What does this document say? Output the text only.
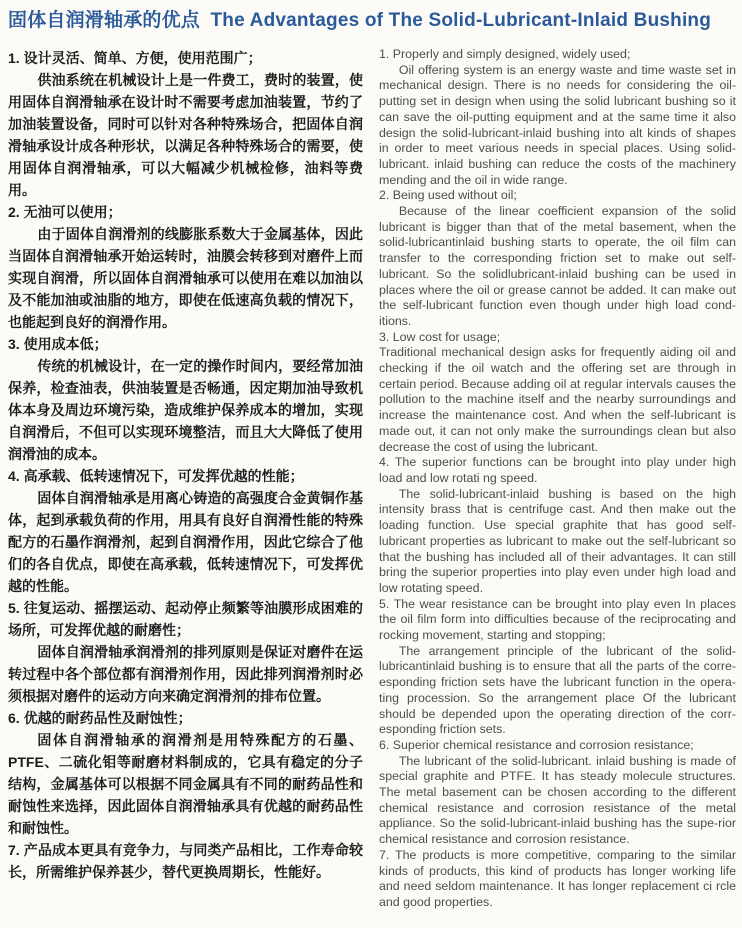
固体自润滑轴承的优点 The Advantages of The Solid-Lubricant-Inlaid Bushing

1. 设计灵活、简单、方便，使用范围广；

供油系统在机械设计上是一件费工，费时的装置，使用固体自润滑轴承在设计时不需要考虑加油装置，节约了加油装置设备，同时可以针对各种特殊场合，把固体自润滑轴承设计成各种形状，以满足各种特殊场合的需要，使用固体自润滑轴承，可以大幅减少机械检修，油料等费用。

2. 无油可以使用；

由于固体自润滑剂的线膨胀系数大于金属基体，因此当固体自润滑轴承开始运转时，油膜会转移到对磨件上而实现自润滑，所以固体自润滑轴承可以使用在难以加油以及不能加油或油脂的地方，即使在低速高负载的情况下，也能起到良好的润滑作用。

3. 使用成本低；

传统的机械设计，在一定的操作时间内，要经常加油保养，检查油表，供油装置是否畅通，因定期加油导致机体本身及周边环境污染，造成维护保养成本的增加，实现自润滑后，不但可以实现环境整洁，而且大大降低了使用润滑油的成本。

4. 高承载、低转速情况下，可发挥优越的性能；

固体自润滑轴承是用离心铸造的高强度合金黄铜作基体，起到承载负荷的作用，用具有良好自润滑性能的特殊配方的石墨作润滑剂，起到自润滑作用，因此它综合了他们的各自优点，即使在高承载，低转速情况下，可发挥优越的性能。

5. 往复运动、摇摆运动、起动停止频繁等油膜形成困难的场所，可发挥优越的耐磨性；

固体自润滑轴承润滑剂的排列原则是保证对磨件在运转过程中各个部位都有润滑剂作用，因此排列润滑剂时必须根据对磨件的运动方向来确定润滑剂的排布位置。

6. 优越的耐药品性及耐蚀性；

固体自润滑轴承的润滑剂是用特殊配方的石墨、PTFE、二硫化钼等耐磨材料制成的，它具有稳定的分子结构，金属基体可以根据不同金属具有不同的耐药品性和耐蚀性来选择，因此固体自润滑轴承具有优越的耐药品性和耐蚀性。

7. 产品成本更具有竞争力，与同类产品相比，工作寿命较长，所需维护保养甚少，替代更换周期长，性能好。

1. Properly and simply designed, widely used;

Oil offering system is an energy waste and time waste set in mechanical design. There is no needs for considering the oil-putting set in design when using the solid lubricant bushing so it can save the oil-putting equipment and at the same time it also design the solid-lubricant-inlaid bushing into alt kinds of shapes in order to meet various needs in special places. Using solid-lubricant. inlaid bushing can reduce the costs of the machinery mending and the oil in wide range.

2. Being used without oil;

Because of the linear coefficient expansion of the solid lubricant is bigger than that of the metal basement, when the solid-lubricantinlaid bushing starts to operate, the oil film can transfer to the corresponding friction set to make out self-lubricant. So the solidlubricant-inlaid bushing can be used in places where the oil or grease cannot be added. It can make out the self-lubricant function even though under high load cond-itions.

3. Low cost for usage;

Traditional mechanical design asks for frequently aiding oil and checking if the oil watch and the offering set are through in certain period. Because adding oil at regular intervals causes the pollution to the machine itself and the nearby surroundings and increase the maintenance cost. And when the self-lubricant is made out, it can not only make the surroundings clean but also decrease the cost of using the lubricant.

4. The superior functions can be brought into play under high load and low rotati ng speed.

The solid-lubricant-inlaid bushing is based on the high intensity brass that is centrifuge cast. And then make out the loading function. Use special graphite that has good self-lubricant properties as lubricant to make out the self-lubricant so that the bushing has included all of their advantages. It can still bring the superior properties into play even under high load and low rotating speed.

5. The wear resistance can be brought into play even In places the oil film form into difficulties because of the reciprocating and rocking movement, starting and stopping;

The arrangement principle of the lubricant of the solid-lubricantinlaid bushing is to ensure that all the parts of the corre-esponding friction sets have the lubricant function in the opera-ting procession. So the arrangement place Of the lubricant should be depended upon the operating direction of the corr-esponding friction sets.

6. Superior chemical resistance and corrosion resistance;

The lubricant of the solid-lubricant. inlaid bushing is made of special graphite and PTFE. It has steady molecule structures. The metal basement can be chosen according to the different chemical resistance and corrosion resistance of the metal appliance. So the solid-lubricant-inlaid bushing has the supe-rior chemical resistance and corrosion resistance.

7. The products is more competitive, comparing to the similar kinds of products, this kind of products has longer working life and need seldom maintenance. It has longer replacement ci rcle and good properties.
